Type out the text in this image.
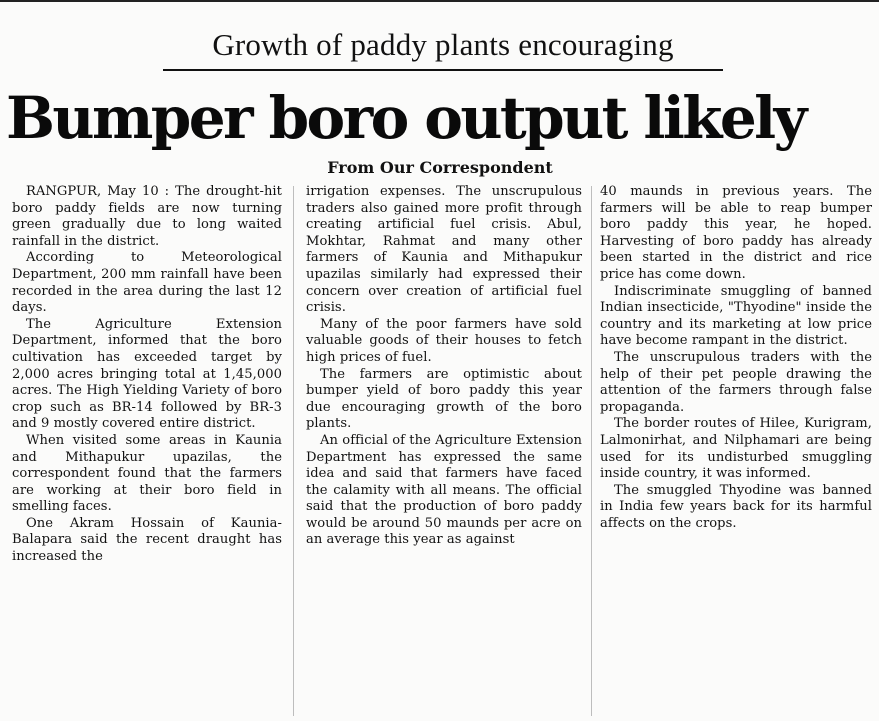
Growth of paddy plants encouraging
Bumper boro output likely
From Our Correspondent

RANGPUR, May 10 : The drought-hit boro paddy fields are now turning green gradually due to long waited rainfall in the district.

According to Meteorological Department, 200 mm rainfall have been recorded in the area during the last 12 days.

The Agriculture Extension Department, informed that the boro cultivation has exceeded target by 2,000 acres bringing total at 1,45,000 acres. The High Yielding Variety of boro crop such as BR-14 followed by BR-3 and 9 mostly covered entire district.

When visited some areas in Kaunia and Mithapukur upazilas, the correspondent found that the farmers are working at their boro field in smelling faces.

One Akram Hossain of Kaunia-Balapara said the recent draught has increased the

irrigation expenses. The unscrupulous traders also gained more profit through creating artificial fuel crisis. Abul, Mokhtar, Rahmat and many other farmers of Kaunia and Mithapukur upazilas similarly had expressed their concern over creation of artificial fuel crisis.

Many of the poor farmers have sold valuable goods of their houses to fetch high prices of fuel.

The farmers are optimistic about bumper yield of boro paddy this year due encouraging growth of the boro plants.

An official of the Agriculture Extension Department has expressed the same idea and said that farmers have faced the calamity with all means. The official said that the production of boro paddy would be around 50 maunds per acre on an average this year as against

40 maunds in previous years. The farmers will be able to reap bumper boro paddy this year, he hoped. Harvesting of boro paddy has already been started in the district and rice price has come down.

Indiscriminate smuggling of banned Indian insecticide, "Thyodine" inside the country and its marketing at low price have become rampant in the district.

The unscrupulous traders with the help of their pet people drawing the attention of the farmers through false propaganda.

The border routes of Hilee, Kurigram, Lalmonirhat, and Nilphamari are being used for its undisturbed smuggling inside country, it was informed.

The smuggled Thyodine was banned in India few years back for its harmful affects on the crops.
